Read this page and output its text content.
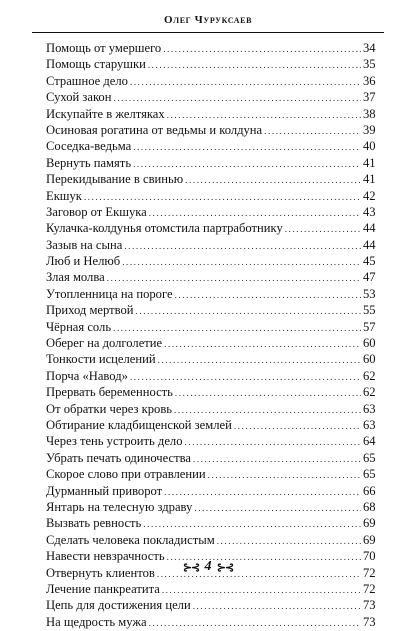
Олег Чуруксаев
Помощь от умершего .....	34
Помощь старушки .....	35
Страшное дело .....	36
Сухой закон .....	37
Искупайте в желтяках .....	38
Осиновая рогатина от ведьмы и колдуна .....	39
Соседка-ведьма .....	40
Вернуть память .....	41
Перекидывание в свинью .....	41
Екшук .....	42
Заговор от Екшука .....	43
Кулачка-колдунья отомстила партработнику .....	44
Зазыв на сына .....	44
Люб и Нелюб .....	45
Злая молва .....	47
Утопленница на пороге .....	53
Приход мертвой .....	55
Чёрная соль .....	57
Оберег на долголетие .....	60
Тонкости исцелений .....	60
Порча «Навод» .....	62
Прервать беременность .....	62
От обратки через кровь .....	63
Обтирание кладбищенской землей .....	63
Через тень устроить дело .....	64
Убрать печать одиночества .....	65
Скорое слово при отравлении .....	65
Дурманный приворот .....	66
Янтарь на телесную здраву .....	68
Вызвать ревность .....	69
Сделать человека покладистым .....	69
Навести невзрачность .....	70
Отвернуть клиентов .....	72
Лечение панкреатита .....	72
Цепь для достижения цели .....	73
На щедрость мужа .....	73
⊱⊰ 4 ⊱⊰
